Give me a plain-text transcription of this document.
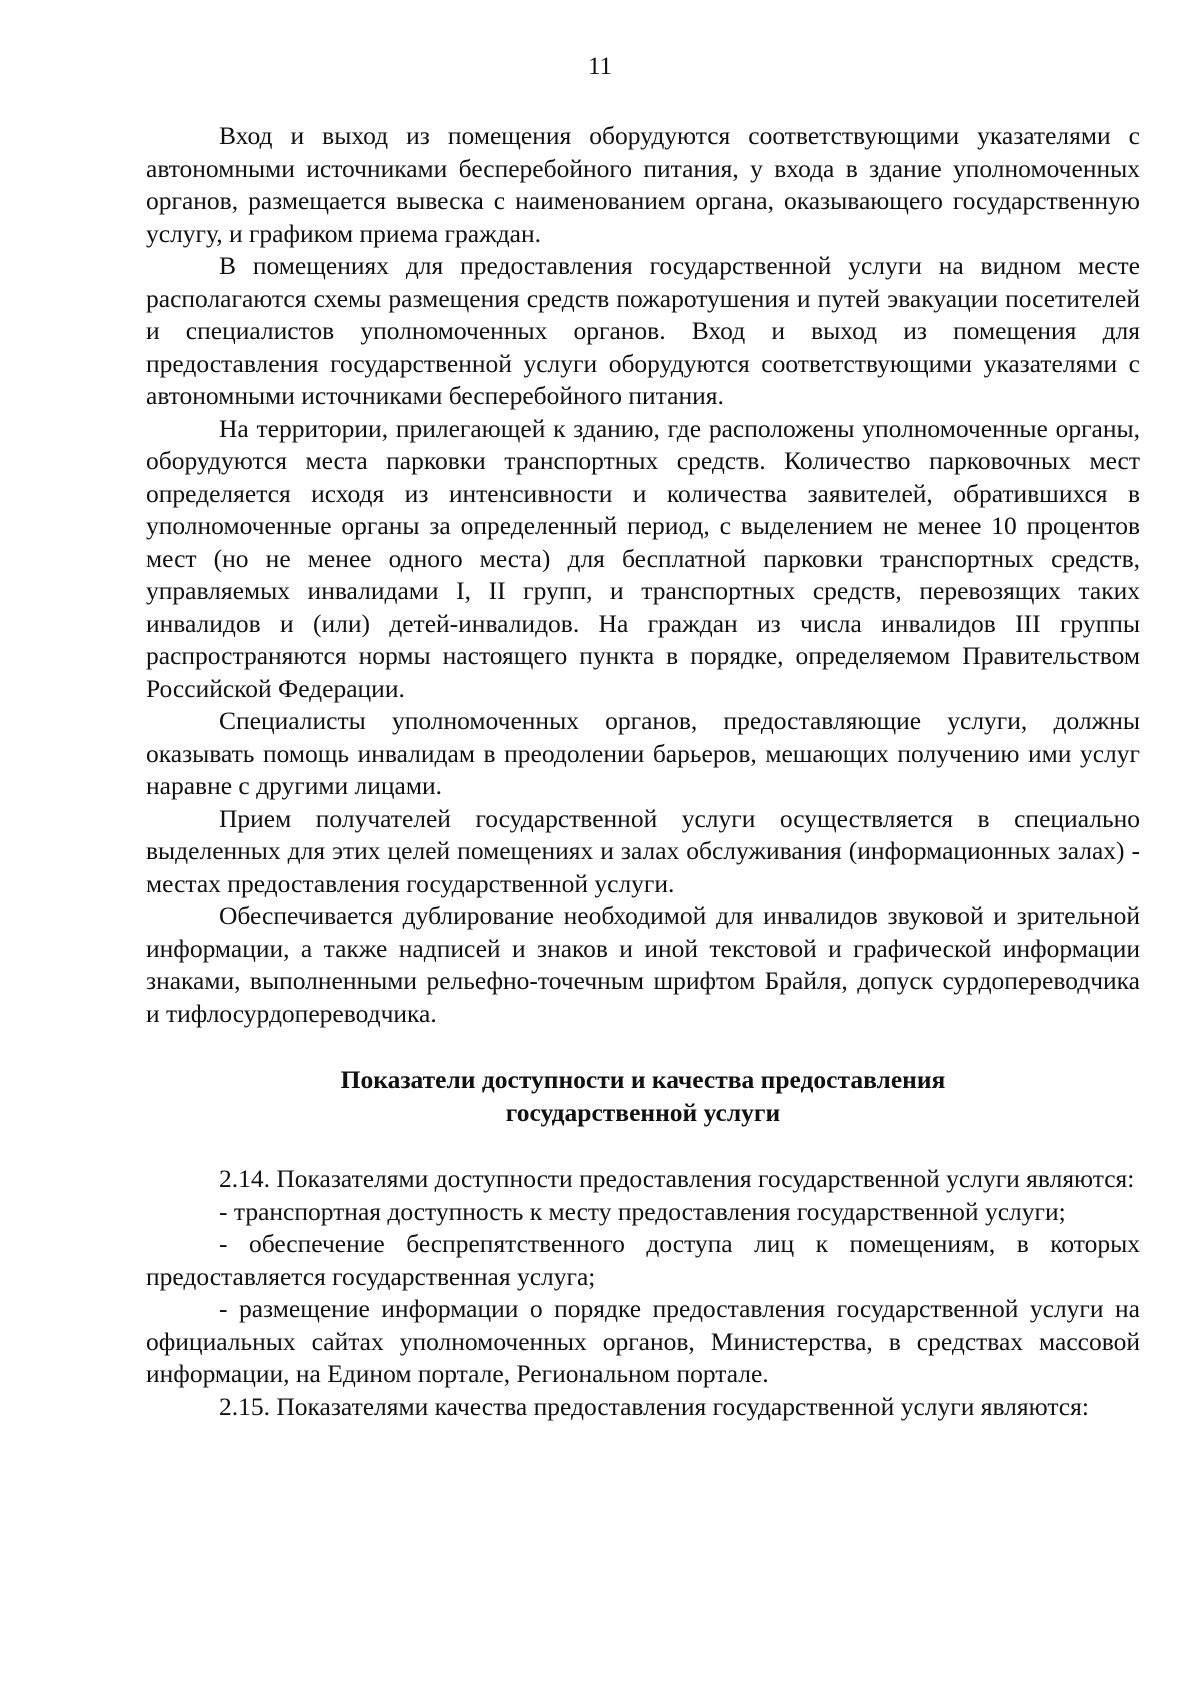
11

Вход и выход из помещения оборудуются соответствующими указателями с автономными источниками бесперебойного питания, у входа в здание уполномоченных органов, размещается вывеска с наименованием органа, оказывающего государственную услугу, и графиком приема граждан.

В помещениях для предоставления государственной услуги на видном месте располагаются схемы размещения средств пожаротушения и путей эвакуации посетителей и специалистов уполномоченных органов. Вход и выход из помещения для предоставления государственной услуги оборудуются соответствующими указателями с автономными источниками бесперебойного питания.

На территории, прилегающей к зданию, где расположены уполномоченные органы, оборудуются места парковки транспортных средств. Количество парковочных мест определяется исходя из интенсивности и количества заявителей, обратившихся в уполномоченные органы за определенный период, с выделением не менее 10 процентов мест (но не менее одного места) для бесплатной парковки транспортных средств, управляемых инвалидами I, II групп, и транспортных средств, перевозящих таких инвалидов и (или) детей-инвалидов. На граждан из числа инвалидов III группы распространяются нормы настоящего пункта в порядке, определяемом Правительством Российской Федерации.

Специалисты уполномоченных органов, предоставляющие услуги, должны оказывать помощь инвалидам в преодолении барьеров, мешающих получению ими услуг наравне с другими лицами.

Прием получателей государственной услуги осуществляется в специально выделенных для этих целей помещениях и залах обслуживания (информационных залах) - местах предоставления государственной услуги.

Обеспечивается дублирование необходимой для инвалидов звуковой и зрительной информации, а также надписей и знаков и иной текстовой и графической информации знаками, выполненными рельефно-точечным шрифтом Брайля, допуск сурдопереводчика и тифлосурдопереводчика.

Показатели доступности и качества предоставления
государственной услуги

2.14. Показателями доступности предоставления государственной услуги являются:

- транспортная доступность к месту предоставления государственной услуги;

- обеспечение беспрепятственного доступа лиц к помещениям, в которых предоставляется государственная услуга;

- размещение информации о порядке предоставления государственной услуги на официальных сайтах уполномоченных органов, Министерства, в средствах массовой информации, на Едином портале, Региональном портале.

2.15. Показателями качества предоставления государственной услуги являются:
